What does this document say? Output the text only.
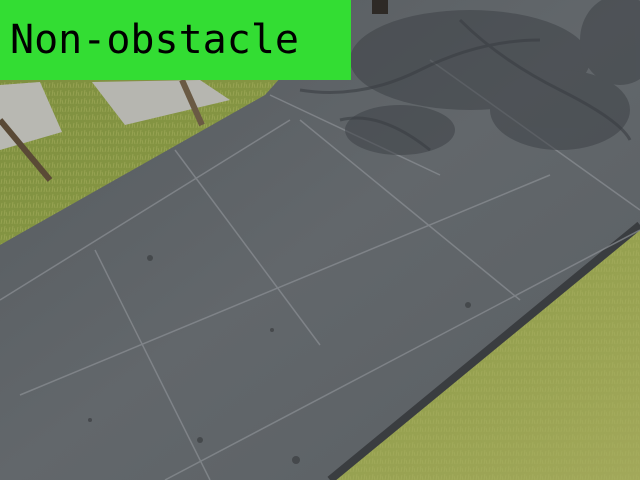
Non-obstacle
